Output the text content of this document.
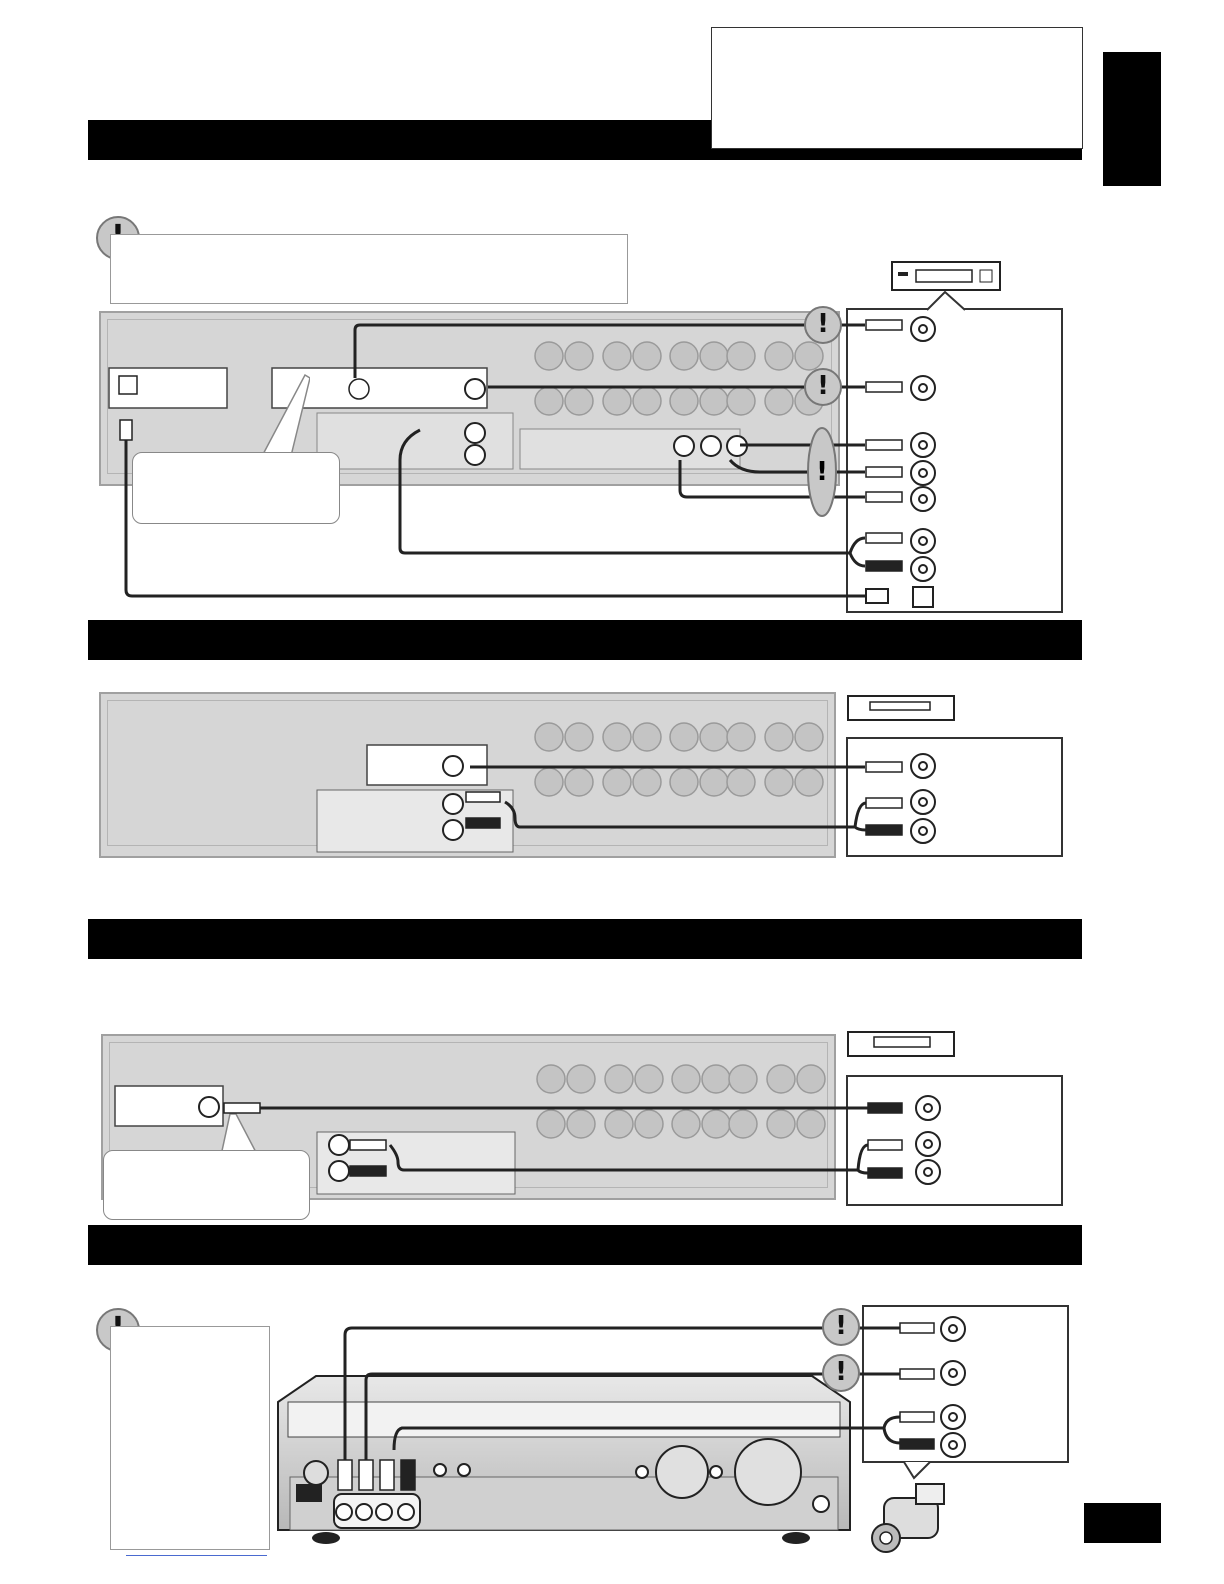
!
!
!
!
!
